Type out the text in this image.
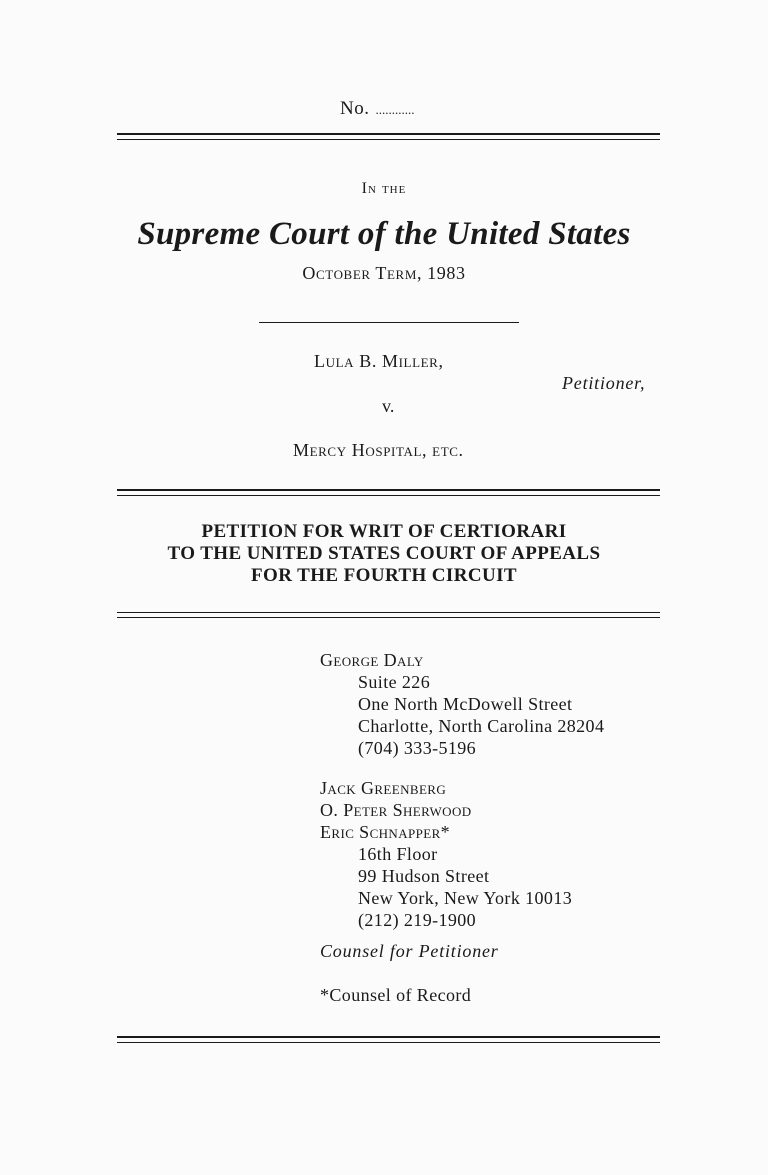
No. ............
In the
Supreme Court of the United States
October Term, 1983
Lula B. Miller,
Petitioner,
v.
Mercy Hospital, etc.
PETITION FOR WRIT OF CERTIORARI
TO THE UNITED STATES COURT OF APPEALS
FOR THE FOURTH CIRCUIT
George Daly
Suite 226
One North McDowell Street
Charlotte, North Carolina 28204
(704) 333-5196
Jack Greenberg
O. Peter Sherwood
Eric Schnapper*
16th Floor
99 Hudson Street
New York, New York 10013
(212) 219-1900
Counsel for Petitioner
*Counsel of Record
